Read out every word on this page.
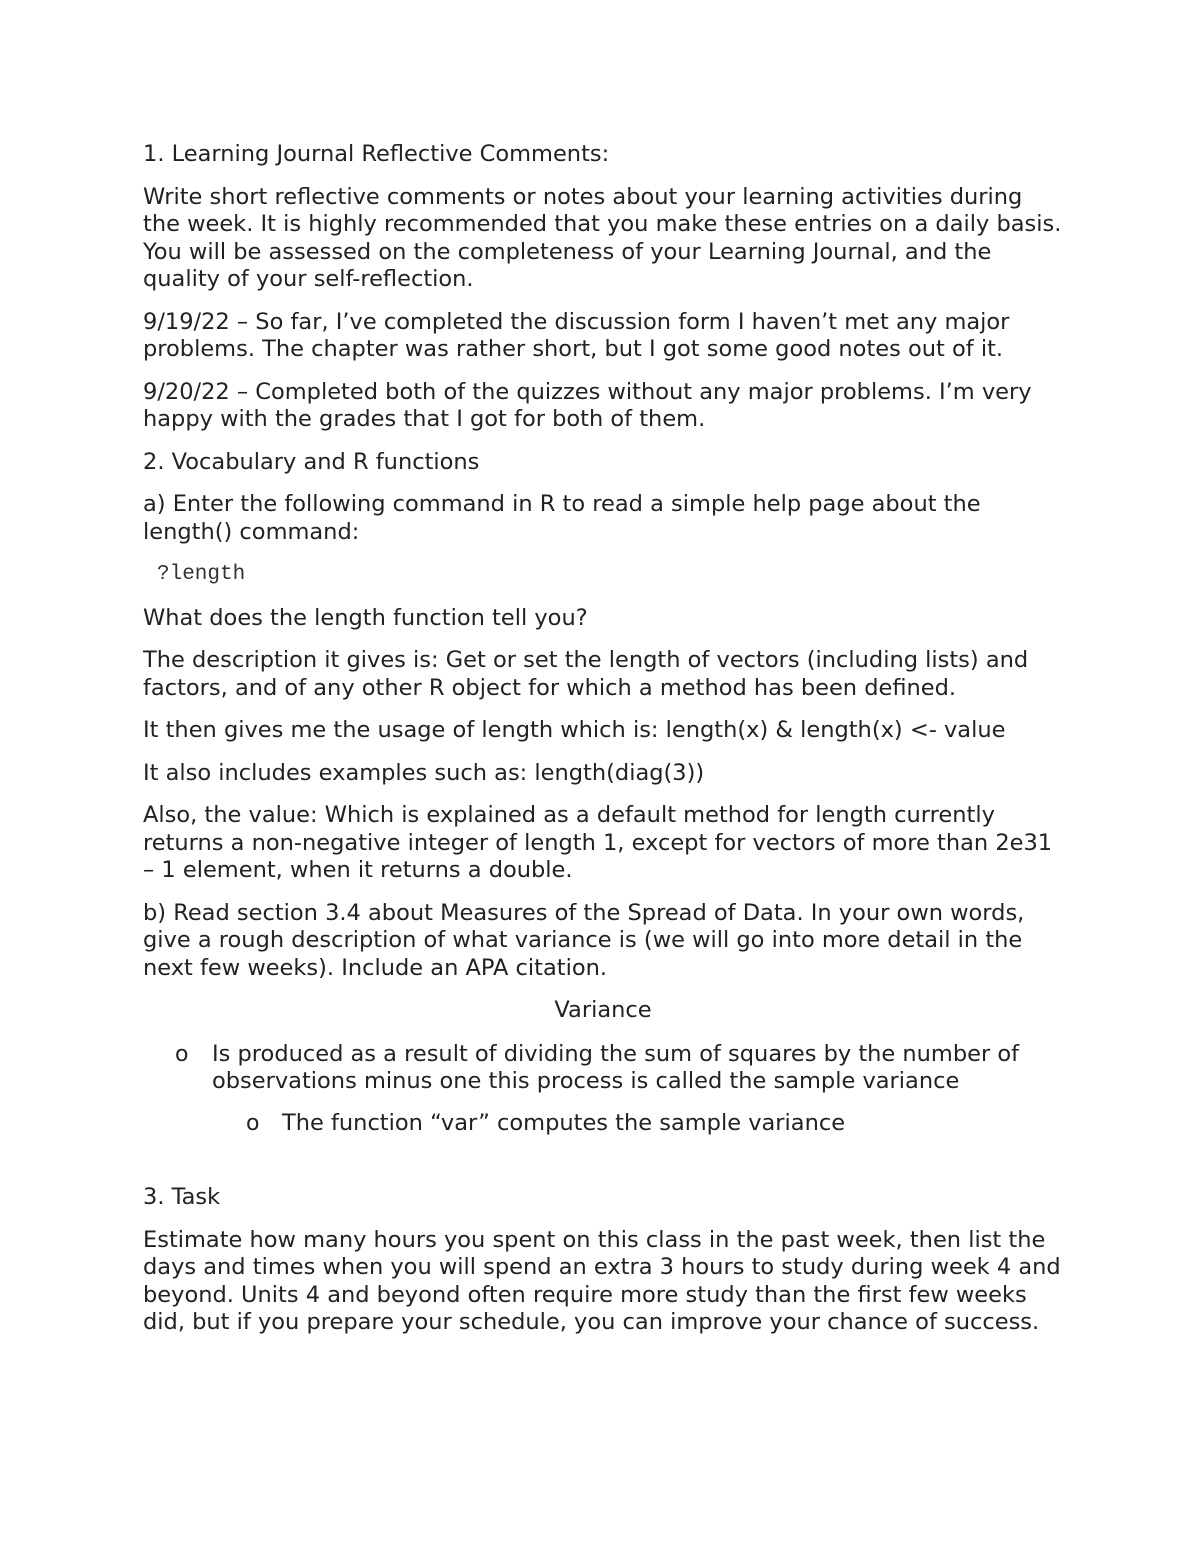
1. Learning Journal Reflective Comments:

Write short reflective comments or notes about your learning activities during the week. It is highly recommended that you make these entries on a daily basis. You will be assessed on the completeness of your Learning Journal, and the quality of your self-reflection.

9/19/22 – So far, I’ve completed the discussion form I haven’t met any major problems. The chapter was rather short, but I got some good notes out of it.

9/20/22 – Completed both of the quizzes without any major problems. I’m very happy with the grades that I got for both of them.

2. Vocabulary and R functions

a) Enter the following command in R to read a simple help page about the length() command:

?length

What does the length function tell you?

The description it gives is: Get or set the length of vectors (including lists) and factors, and of any other R object for which a method has been defined.

It then gives me the usage of length which is: length(x) & length(x) <- value

It also includes examples such as: length(diag(3))

Also, the value: Which is explained as a default method for length currently returns a non-negative integer of length 1, except for vectors of more than 2e31 – 1 element, when it returns a double.

b) Read section 3.4 about Measures of the Spread of Data. In your own words, give a rough description of what variance is (we will go into more detail in the next few weeks). Include an APA citation.

Variance

o Is produced as a result of dividing the sum of squares by the number of observations minus one this process is called the sample variance
o The function “var” computes the sample variance

3. Task

Estimate how many hours you spent on this class in the past week, then list the days and times when you will spend an extra 3 hours to study during week 4 and beyond. Units 4 and beyond often require more study than the first few weeks did, but if you prepare your schedule, you can improve your chance of success.
